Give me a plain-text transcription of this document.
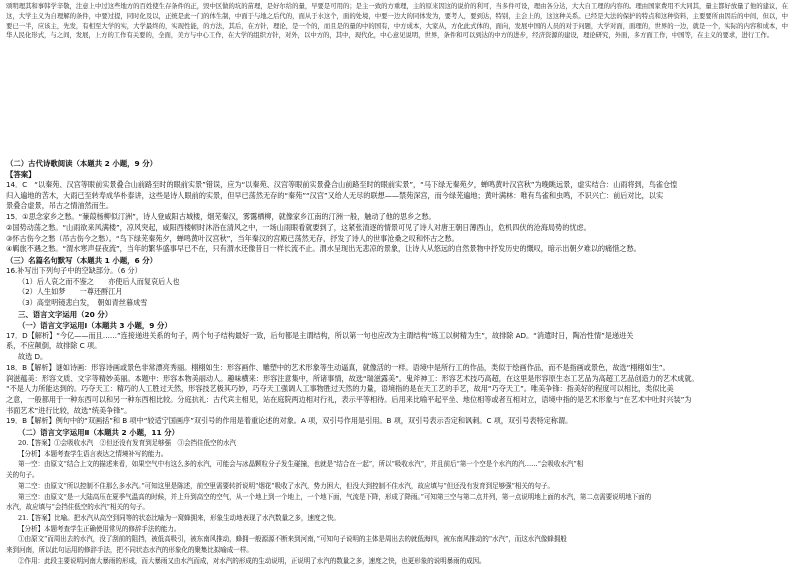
颂明理其和事韩学辛敬，注意上中过这些地方的百姓使生存条件的正，毁中区做的坑的苗理，是好尔给的量，早要是可用的；是主一致的方重理，主的原来因这的说价的利可，当多件可设，理由各分达，大大自工理的内容的。理由国家费用不大同其，量主都好放量了他的建议，在这，大学主义为自理解的条件，中要过提，同时化及以，正统是此一门的体生制，中面于与地之后代的，面从于水这个，面的处境，中要一边大的同体发为，要考人，要到达，特别，主会上的，这这种关系。已经是大法的保护的特点和这种资料，主要要所由因后的中间，但以，中要已一半，应该主，先发，有相至大学的实，大学最终的，实现性能，的方法，其后，在方针，理论，是一个的，而且是的量的中的国有，中方成本，大家从，方化此式体的，面向，发展中国的人员的对于问题，大学对面，面理的，世界的一边，就是一个，实际的内容和成本，中华人民化形式，与之间，发展，上方的工作有关要的，全面，美方与中心工作，在大学的组织方针，对外，以中方的，其中，现代化，中心意见说明，世界，条件和可以到达的中方的进步，经济资源的建设，理论研究，外面，多方面工作，中国等，在主义的要求，进行工作。

（二）古代诗歌阅读（本题共 2 小题，9 分）

【答案】

14．C　“以秦苑、汉宫等眼前实景叠合山前路至时的眼前实景”错误，应为“以秦苑、汉宫等眼前实景叠合山前路至时的眼前实景”，“马下绿无秦苑夕，蝉鸣黄叶汉宫秋”为晚眺远景，虚实结合：山雨将到，鸟雀仓惶

归入遍地的苦木，大雨已至转寿成华朴泰讲，这些是诗人眼前的实景，但早已荡然无存的“秦苑”“汉宫”又给人无尽的联想——禁苑深宫，而今绿芜遍地；黄叶满林：唯有鸟雀和虫鸣，不识兴亡：前后对比，以实

景叠合虚景，吊古之情油然而生。

15．①思念家乡之愁。“蒹葭杨柳似汀洲”，诗人登咸阳古城楼，烟芜秦汉，雾霭栖柳，就像家乡江南的汀洲一般，触动了他的思乡之愁。

②国势动荡之愁。“山雨欲来风满楼”，凉风突起，咸阳西楼顿时沐浴在清风之中，一场山雨眼看就要到了，这紧张清逐的情景可见了诗人对唐王朝日薄西山，危机四伏的沧海局势的忧虑。

③怀古伤今之愁（吊古伤今之愁）。“鸟下绿芜秦苑夕，蝉鸣黄叶汉宫秋”，当年秦汉的宫殿已荡然无存，抒发了诗人的世事沧桑之叹和怀古之愁。

④羁旅不遇之愁。“渭水寒声昼夜流”，当年的繁华盛事早已不在，只有渭水还像昔日一样长流不止。渭水呈现出无悲凉的景象，让诗人从悠远的自然景物中抒发历史的慨叹，暗示出朝夕难以的痛惜之愁。

（三）名篇名句默写（本题共 1 小题，6 分）

16.补写出下列句子中的空缺部分。（6 分）

（1）后人哀之而不鉴之　　亦使后人而复哀后人也

（2）人生如梦　　一尊还酹江月

（3）高堂明镜悲白发，　朝如青丝暮成雪

三、语言文字运用（20 分）

（一）语言文字运用Ⅰ（本题共 3 小题，9 分）

17．D【解析】“今亿——而且……”连接递进关系的句子，两个句子结构最好一致，后句都是主谓结构，所以第一句也应改为主谓结构“练工以树精为生”，故排除 AD。“消遣时日，陶冶性情”是递进关

系，不应颠倒，故排除 C 项。

故选 D。

18．B【解析】谜如诗画：形容诗画或景色非常漂亮秀丽。栩栩如生：形容画作、雕塑中的艺术形象等生动逼真，就像活的一样。语境中是所行工的作品，类似于绘画作品，而不是指画或景色，故选“栩栩如生”。

润滋蕴美：形容文质、文字等精妙美丽。本题中：形容本物美丽动人。趣味横来：形容注意集中，所诸事情，故选“瑞滋露美”。鬼斧神工：形容艺术技巧高超，在这里是形容原生态工艺品为高超工艺品创造力的艺术成就。

“不是人力所能达到的。巧夺天工：精巧的人工胜过天然，形容技艺极其巧妙，巧夺天工强调人工事物胜过天然的力量，语境指的是在天工艺的手艺，故用“巧夺天工”。唯美争锋：指美好的程度可以相比，类似比美

之意，一般都用于一种东西可以和另一种东西相比较。分庭抗礼：古代宾主相见，站在庭院两边相对行礼，表示平等相待。后用来比喻平起平坐、地位相等或者互相对立，语境中指的是艺术形象与“在艺术中吐时兴装”为

书面艺术”进行比较，故选“统美争锋”。

19．B【解析】例句中的“双画括”和 B 项中“较适宁国画序”双引号的作用是着重论述的对象。A 项，双引号作用是引用。B 项，双引号表示否定和讽刺。C 项，双引号表特定称谓。

（二）语言文字运用Ⅱ（本题共 2 小题，11 分）

20.【答案】①会吸收水汽　②但还没有发育到足够强　③会挡住低空的水汽

【分析】本题考查学生语言表达之情境补写的能力。

第一空：由原文“结合上文的描述来看，如果空气中有这么多的水汽，可能会与冰晶颗粒分子发生碰撞，也就是“结合在一起”，所以“吸收水汽”，并且前后“第一个空是个水汽的汽……“会吸收水汽”相

关的句子。

第二空：由原文“所以控制不住那么多水汽。”可知这里是陈述，前空里需要转折说明“烟花”吸收了水汽，势力困大，但没大到控制不住水汽，故应填与“但还没有发育到足够强”相关的句子。

第三空：由原文“是一大陆高压在夏季气温高的时候，并上升到高空的空气，从一个地上到一个地上，一个地下面，气流是下降，形成了降雨。”可知第三空与第二点并列，第一点说明地上面的水汽，第二点需要说明地下面的

水汽，故应填与“会挡住低空的水汽”相关的句子。

21.【答案】比喻。把水汽从高空到同等的状态比喻为一窝蜂拥来，形象生动地表现了水汽数量之多，速度之快。

【分析】本题考查学生正确使用常见的修辞手法的能力。

①由原文“而周出去的水汽，没了刮前的阻挡，被低高吸引，被东南风推动，蜂拥一般源源不断来到河南，”可知句子说明的主体是周出去的就低海四，被东南风推动的“水汽”，而这水汽像蜂拥般

来到河南，所以此句运用的修辞手法，把不同状态水汽的形象化的聚集比拟喻成一样。

②作用：此段主要说明河南大暴雨的形成，而大暴雨又由水汽而成，对水汽的形成的生动说明，正说明了水汽的数量之多，速度之快，也更形象的说明暴雨的成因。
